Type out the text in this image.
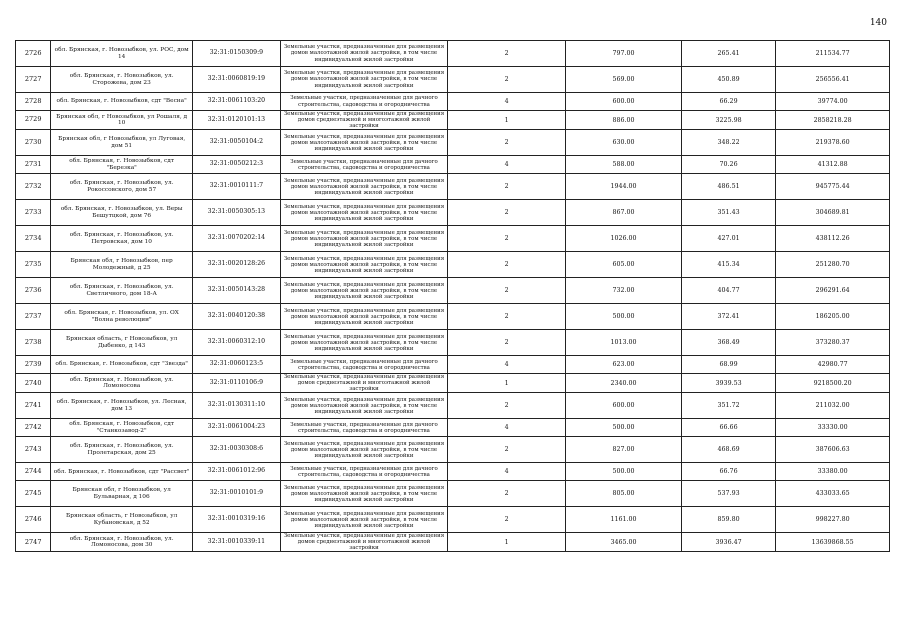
140
2726	обл. Брянская, г. Новозыбков, ул. РОС, дом 14	32:31:0150309:9	Земельные участки, предназначенные для размещения домов малоэтажной жилой застройки, в том числе индивидуальной жилой застройки	2	797.00	265.41	211534.77
2727	обл. Брянская, г. Новозыбков, ул. Сторожева, дом 23	32:31:0060819:19	Земельные участки, предназначенные для размещения домов малоэтажной жилой застройки, в том числе индивидуальной жилой застройки	2	569.00	450.89	256556.41
2728	обл. Брянская, г. Новозыбков, сдт "Весна"	32:31:0061103:20	Земельные участки, предназначенные для дачного строительства, садоводства и огородничества	4	600.00	66.29	39774.00
2729	Брянская обл, г Новозыбков, ул Рошаля, д 10	32:31:0120101:13	Земельные участки, предназначенные для размещения домов среднеэтажной и многоэтажной жилой застройки	1	886.00	3225.98	2858218.28
2730	Брянская обл, г Новозыбков, ул Луговая, дом 51	32:31:0050104:2	Земельные участки, предназначенные для размещения домов малоэтажной жилой застройки, в том числе индивидуальной жилой застройки	2	630.00	348.22	219378.60
2731	обл. Брянская, г. Новозыбков, сдт "Березка"	32:31:0050212:3	Земельные участки, предназначенные для дачного строительства, садоводства и огородничества	4	588.00	70.26	41312.88
2732	обл. Брянская, г. Новозыбков, ул. Рокоссовского, дом 57	32:31:0010111:7	Земельные участки, предназначенные для размещения домов малоэтажной жилой застройки, в том числе индивидуальной жилой застройки	2	1944.00	486.51	945775.44
2733	обл. Брянская, г. Новозыбков, ул. Веры Бешутцкой, дом 76	32:31:0050305:13	Земельные участки, предназначенные для размещения домов малоэтажной жилой застройки, в том числе индивидуальной жилой застройки	2	867.00	351.43	304689.81
2734	обл. Брянская, г. Новозыбков, ул. Петровская, дом 10	32:31:0070202:14	Земельные участки, предназначенные для размещения домов малоэтажной жилой застройки, в том числе индивидуальной жилой застройки	2	1026.00	427.01	438112.26
2735	Брянская обл, г Новозыбков, пер Молодежный, д 25	32:31:0020128:26	Земельные участки, предназначенные для размещения домов малоэтажной жилой застройки, в том числе индивидуальной жилой застройки	2	605.00	415.34	251280.70
2736	обл. Брянская, г. Новозыбков, ул. Светличного, дом 18-А	32:31:0050143:28	Земельные участки, предназначенные для размещения домов малоэтажной жилой застройки, в том числе индивидуальной жилой застройки	2	732.00	404.77	296291.64
2737	обл. Брянская, г. Новозыбков, ул. ОХ "Волна революции"	32:31:0040120:38	Земельные участки, предназначенные для размещения домов малоэтажной жилой застройки, в том числе индивидуальной жилой застройки	2	500.00	372.41	186205.00
2738	Брянская область, г Новозыбков, ул Дыбенко, д 143	32:31:0060312:10	Земельные участки, предназначенные для размещения домов малоэтажной жилой застройки, в том числе индивидуальной жилой застройки	2	1013.00	368.49	373280.37
2739	обл. Брянская, г. Новозыбков, сдт "Звезда"	32:31:0060123:5	Земельные участки, предназначенные для дачного строительства, садоводства и огородничества	4	623.00	68.99	42980.77
2740	обл. Брянская, г. Новозыбков, ул. Ломоносова	32:31:0110106:9	Земельные участки, предназначенные для размещения домов среднеэтажной и многоэтажной жилой застройки	1	2340.00	3939.53	9218500.20
2741	обл. Брянская, г. Новозыбков, ул. Лесная, дом 13	32:31:0130311:10	Земельные участки, предназначенные для размещения домов малоэтажной жилой застройки, в том числе индивидуальной жилой застройки	2	600.00	351.72	211032.00
2742	обл. Брянская, г. Новозыбков, сдт "Станкозавод-2"	32:31:0061004:23	Земельные участки, предназначенные для дачного строительства, садоводства и огородничества	4	500.00	66.66	33330.00
2743	обл. Брянская, г. Новозыбков, ул. Пролетарская, дом 25	32:31:0030308:6	Земельные участки, предназначенные для размещения домов малоэтажной жилой застройки, в том числе индивидуальной жилой застройки	2	827.00	468.69	387606.63
2744	обл. Брянская, г. Новозыбков, сдт "Рассвет"	32:31:0061012:96	Земельные участки, предназначенные для дачного строительства, садоводства и огородничества	4	500.00	66.76	33380.00
2745	Брянская обл, г Новозыбков, ул Бульварная, д 106	32:31:0010101:9	Земельные участки, предназначенные для размещения домов малоэтажной жилой застройки, в том числе индивидуальной жилой застройки	2	805.00	537.93	433033.65
2746	Брянская область, г Новозыбков, ул Кубановская, д 52	32:31:0010319:16	Земельные участки, предназначенные для размещения домов малоэтажной жилой застройки, в том числе индивидуальной жилой застройки	2	1161.00	859.80	998227.80
2747	обл. Брянская, г. Новозыбков, ул. Ломоносова, дом 30	32:31:0010339:11	Земельные участки, предназначенные для размещения домов среднеэтажной и многоэтажной жилой застройки	1	3465.00	3936.47	13639868.55
